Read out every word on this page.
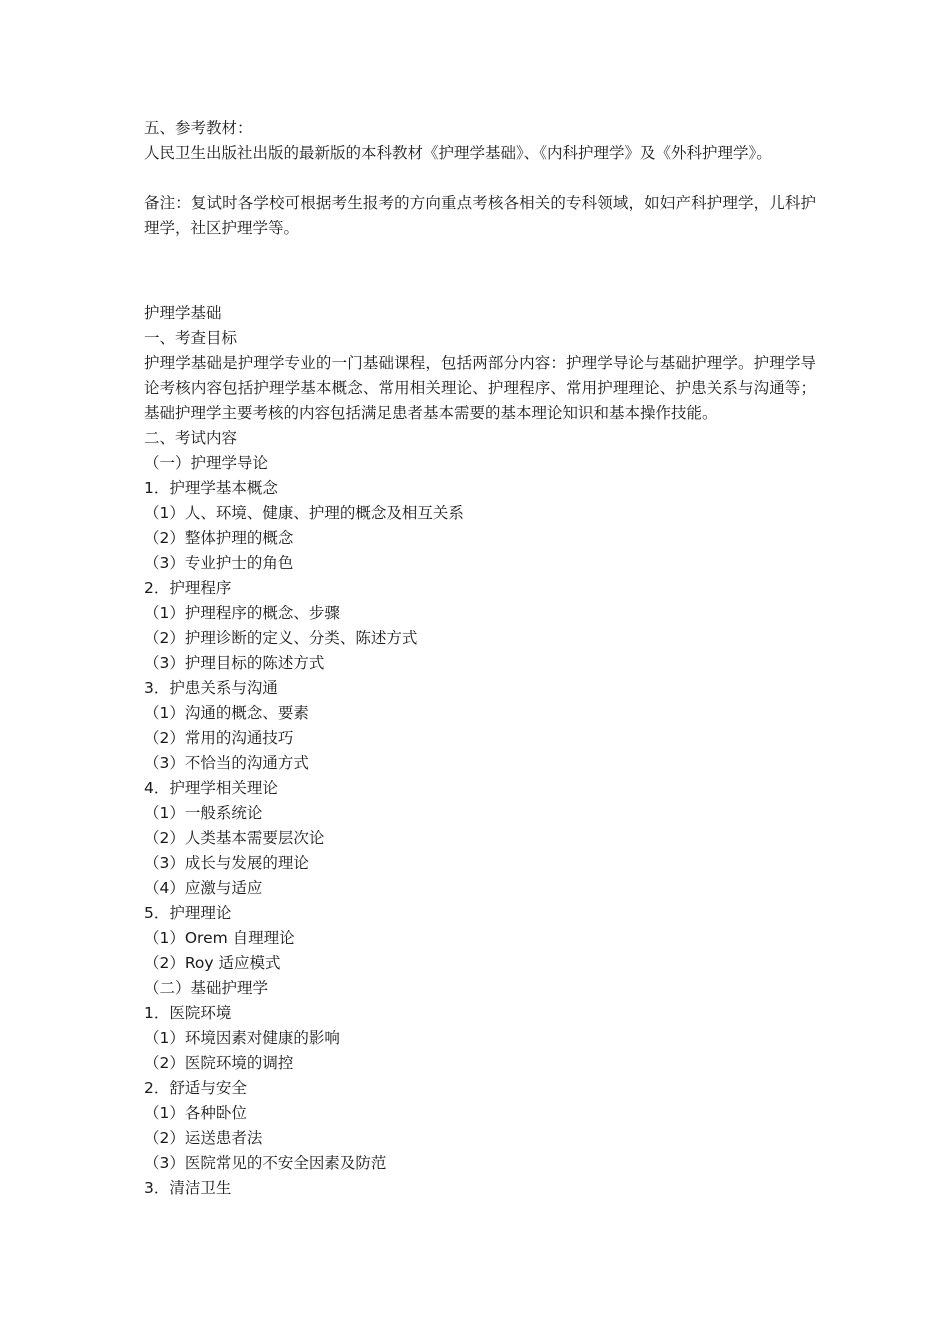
五、参考教材：

人民卫生出版社出版的最新版的本科教材《护理学基础》、《内科护理学》及《外科护理学》。

备注：复试时各学校可根据考生报考的方向重点考核各相关的专科领域，如妇产科护理学，儿科护理学，社区护理学等。

护理学基础

一、考查目标

护理学基础是护理学专业的一门基础课程，包括两部分内容：护理学导论与基础护理学。护理学导论考核内容包括护理学基本概念、常用相关理论、护理程序、常用护理理论、护患关系与沟通等；基础护理学主要考核的内容包括满足患者基本需要的基本理论知识和基本操作技能。

二、考试内容

（一）护理学导论

1．护理学基本概念

（1）人、环境、健康、护理的概念及相互关系

（2）整体护理的概念

（3）专业护士的角色

2．护理程序

（1）护理程序的概念、步骤

（2）护理诊断的定义、分类、陈述方式

（3）护理目标的陈述方式

3．护患关系与沟通

（1）沟通的概念、要素

（2）常用的沟通技巧

（3）不恰当的沟通方式

4．护理学相关理论

（1）一般系统论

（2）人类基本需要层次论

（3）成长与发展的理论

（4）应激与适应

5．护理理论

（1）Orem 自理理论

（2）Roy 适应模式

（二）基础护理学

1．医院环境

（1）环境因素对健康的影响

（2）医院环境的调控

2．舒适与安全

（1）各种卧位

（2）运送患者法

（3）医院常见的不安全因素及防范

3．清洁卫生
